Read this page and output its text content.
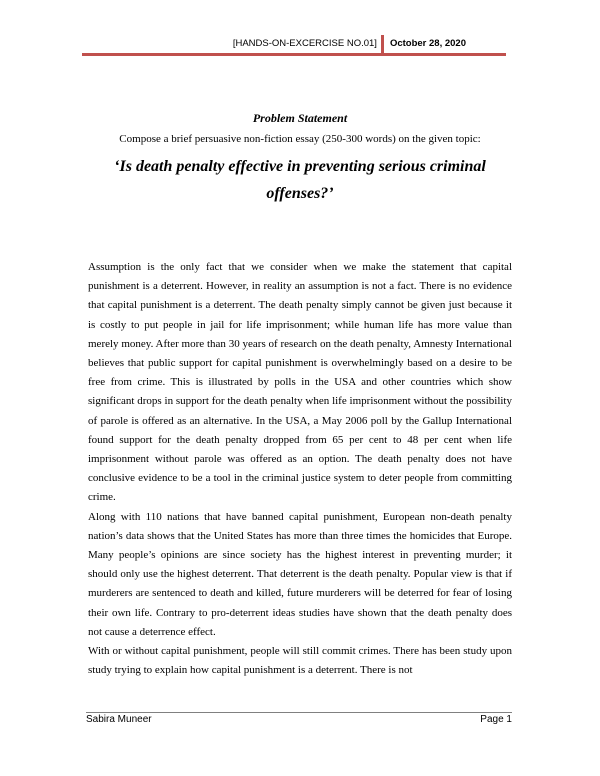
[HANDS-ON-EXCERCISE NO.01]	October 28, 2020
Problem Statement
Compose a brief persuasive non-fiction essay (250-300 words) on the given topic:
‘Is death penalty effective in preventing serious criminal offenses?’

Assumption is the only fact that we consider when we make the statement that capital punishment is a deterrent. However, in reality an assumption is not a fact. There is no evidence that capital punishment is a deterrent. The death penalty simply cannot be given just because it is costly to put people in jail for life imprisonment; while human life has more value than merely money. After more than 30 years of research on the death penalty, Amnesty International believes that public support for capital punishment is overwhelmingly based on a desire to be free from crime. This is illustrated by polls in the USA and other countries which show significant drops in support for the death penalty when life imprisonment without the possibility of parole is offered as an alternative. In the USA, a May 2006 poll by the Gallup International found support for the death penalty dropped from 65 per cent to 48 per cent when life imprisonment without parole was offered as an option. The death penalty does not have conclusive evidence to be a tool in the criminal justice system to deter people from committing crime.

Along with 110 nations that have banned capital punishment, European non-death penalty nation’s data shows that the United States has more than three times the homicides that Europe. Many people’s opinions are since society has the highest interest in preventing murder; it should only use the highest deterrent. That deterrent is the death penalty. Popular view is that if murderers are sentenced to death and killed, future murderers will be deterred for fear of losing their own life. Contrary to pro-deterrent ideas studies have shown that the death penalty does not cause a deterrence effect.

With or without capital punishment, people will still commit crimes. There has been study upon study trying to explain how capital punishment is a deterrent. There is not

Sabira Muneer	Page 1
